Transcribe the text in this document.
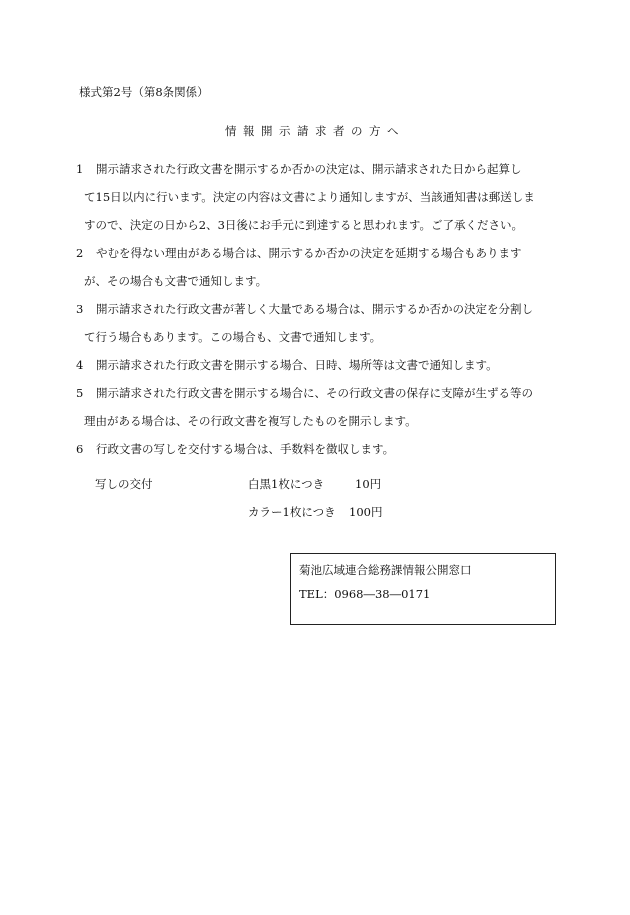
様式第2号（第8条関係）
情報開示請求者の方へ
1 開示請求された行政文書を開示するか否かの決定は、開示請求された日から起算し
て15日以内に行います。決定の内容は文書により通知しますが、当該通知書は郵送しま
すので、決定の日から2、3日後にお手元に到達すると思われます。ご了承ください。
2 やむを得ない理由がある場合は、開示するか否かの決定を延期する場合もあります
が、その場合も文書で通知します。
3 開示請求された行政文書が著しく大量である場合は、開示するか否かの決定を分割し
て行う場合もあります。この場合も、文書で通知します。
4 開示請求された行政文書を開示する場合、日時、場所等は文書で通知します。
5 開示請求された行政文書を開示する場合に、その行政文書の保存に支障が生ずる等の
理由がある場合は、その行政文書を複写したものを開示します。
6 行政文書の写しを交付する場合は、手数料を徴収します。
写しの交付	白黒1枚につき	10円
カラー1枚につき 100円
菊池広域連合総務課情報公開窓口
TEL：0968―38―0171
